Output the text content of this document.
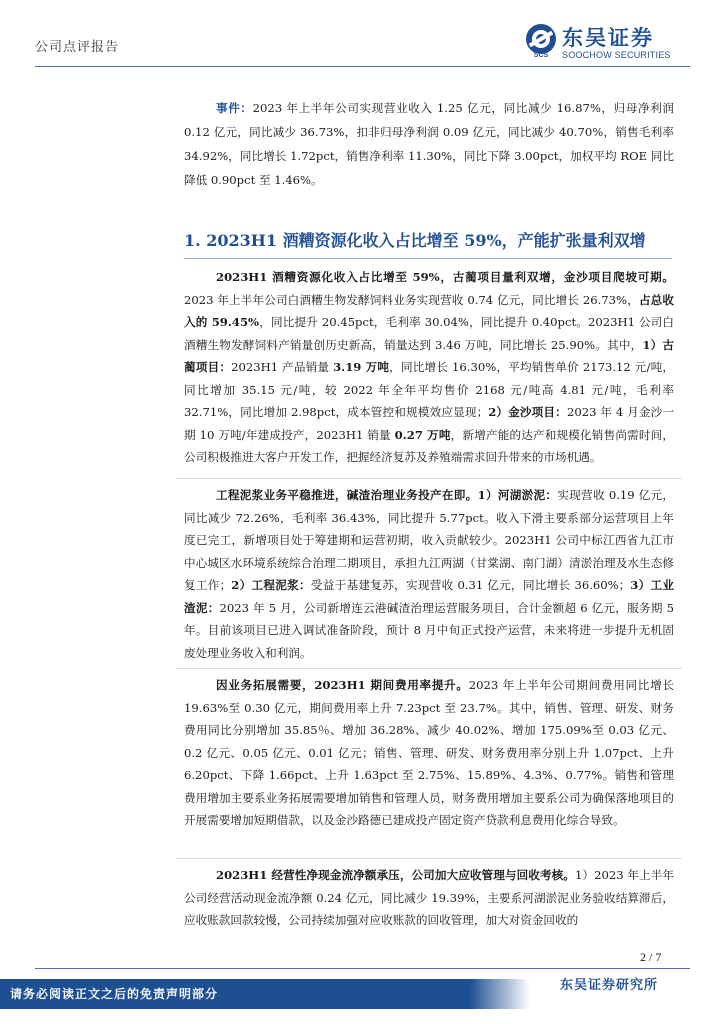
公司点评报告
SCS
东吴证券
SOOCHOW SECURITIES
事件：2023 年上半年公司实现营业收入 1.25 亿元，同比减少 16.87%，归母净利润 0.12 亿元，同比减少 36.73%，扣非归母净利润 0.09 亿元，同比减少 40.70%，销售毛利率 34.92%，同比增长 1.72pct，销售净利率 11.30%，同比下降 3.00pct，加权平均 ROE 同比降低 0.90pct 至 1.46%。
1. 2023H1 酒糟资源化收入占比增至 59%，产能扩张量利双增
2023H1 酒糟资源化收入占比增至 59%，古蔺项目量利双增，金沙项目爬坡可期。2023 年上半年公司白酒糟生物发酵饲料业务实现营收 0.74 亿元，同比增长 26.73%，占总收入的 59.45%，同比提升 20.45pct，毛利率 30.04%，同比提升 0.40pct。2023H1 公司白酒糟生物发酵饲料产销量创历史新高，销量达到 3.46 万吨，同比增长 25.90%。其中，1）古蔺项目：2023H1 产品销量 3.19 万吨，同比增长 16.30%，平均销售单价 2173.12 元/吨，同比增加 35.15 元/吨，较 2022 年全年平均售价 2168 元/吨高 4.81 元/吨，毛利率 32.71%，同比增加 2.98pct，成本管控和规模效应显现；2）金沙项目：2023 年 4 月金沙一期 10 万吨/年建成投产，2023H1 销量 0.27 万吨，新增产能的达产和规模化销售尚需时间，公司积极推进大客户开发工作，把握经济复苏及养殖端需求回升带来的市场机遇。
工程泥浆业务平稳推进，碱渣治理业务投产在即。1）河湖淤泥：实现营收 0.19 亿元，同比减少 72.26%，毛利率 36.43%，同比提升 5.77pct。收入下滑主要系部分运营项目上年度已完工，新增项目处于筹建期和运营初期，收入贡献较少。2023H1 公司中标江西省九江市中心城区水环境系统综合治理二期项目，承担九江两湖（甘棠湖、南门湖）清淤治理及水生态修复工作；2）工程泥浆：受益于基建复苏，实现营收 0.31 亿元，同比增长 36.60%；3）工业渣泥：2023 年 5 月，公司新增连云港碱渣治理运营服务项目，合计金额超 6 亿元，服务期 5 年。目前该项目已进入调试准备阶段，预计 8 月中旬正式投产运营，未来将进一步提升无机固废处理业务收入和利润。
因业务拓展需要，2023H1 期间费用率提升。2023 年上半年公司期间费用同比增长 19.63%至 0.30 亿元，期间费用率上升 7.23pct 至 23.7%。其中，销售、管理、研发、财务费用同比分别增加 35.85％、增加 36.28%、减少 40.02%、增加 175.09%至 0.03 亿元、0.2 亿元、0.05 亿元、0.01 亿元；销售、管理、研发、财务费用率分别上升 1.07pct、上升 6.20pct、下降 1.66pct、上升 1.63pct 至 2.75%、15.89%、4.3%、0.77%。销售和管理费用增加主要系业务拓展需要增加销售和管理人员，财务费用增加主要系公司为确保落地项目的开展需要增加短期借款，以及金沙路德已建成投产固定资产贷款利息费用化综合导致。
2023H1 经营性净现金流净额承压，公司加大应收管理与回收考核。1）2023 年上半年公司经营活动现金流净额 0.24 亿元，同比减少 19.39%，主要系河湖淤泥业务验收结算滞后，应收账款回款较慢，公司持续加强对应收账款的回收管理，加大对资金回收的
2 / 7
请务必阅读正文之后的免责声明部分
东吴证券研究所
